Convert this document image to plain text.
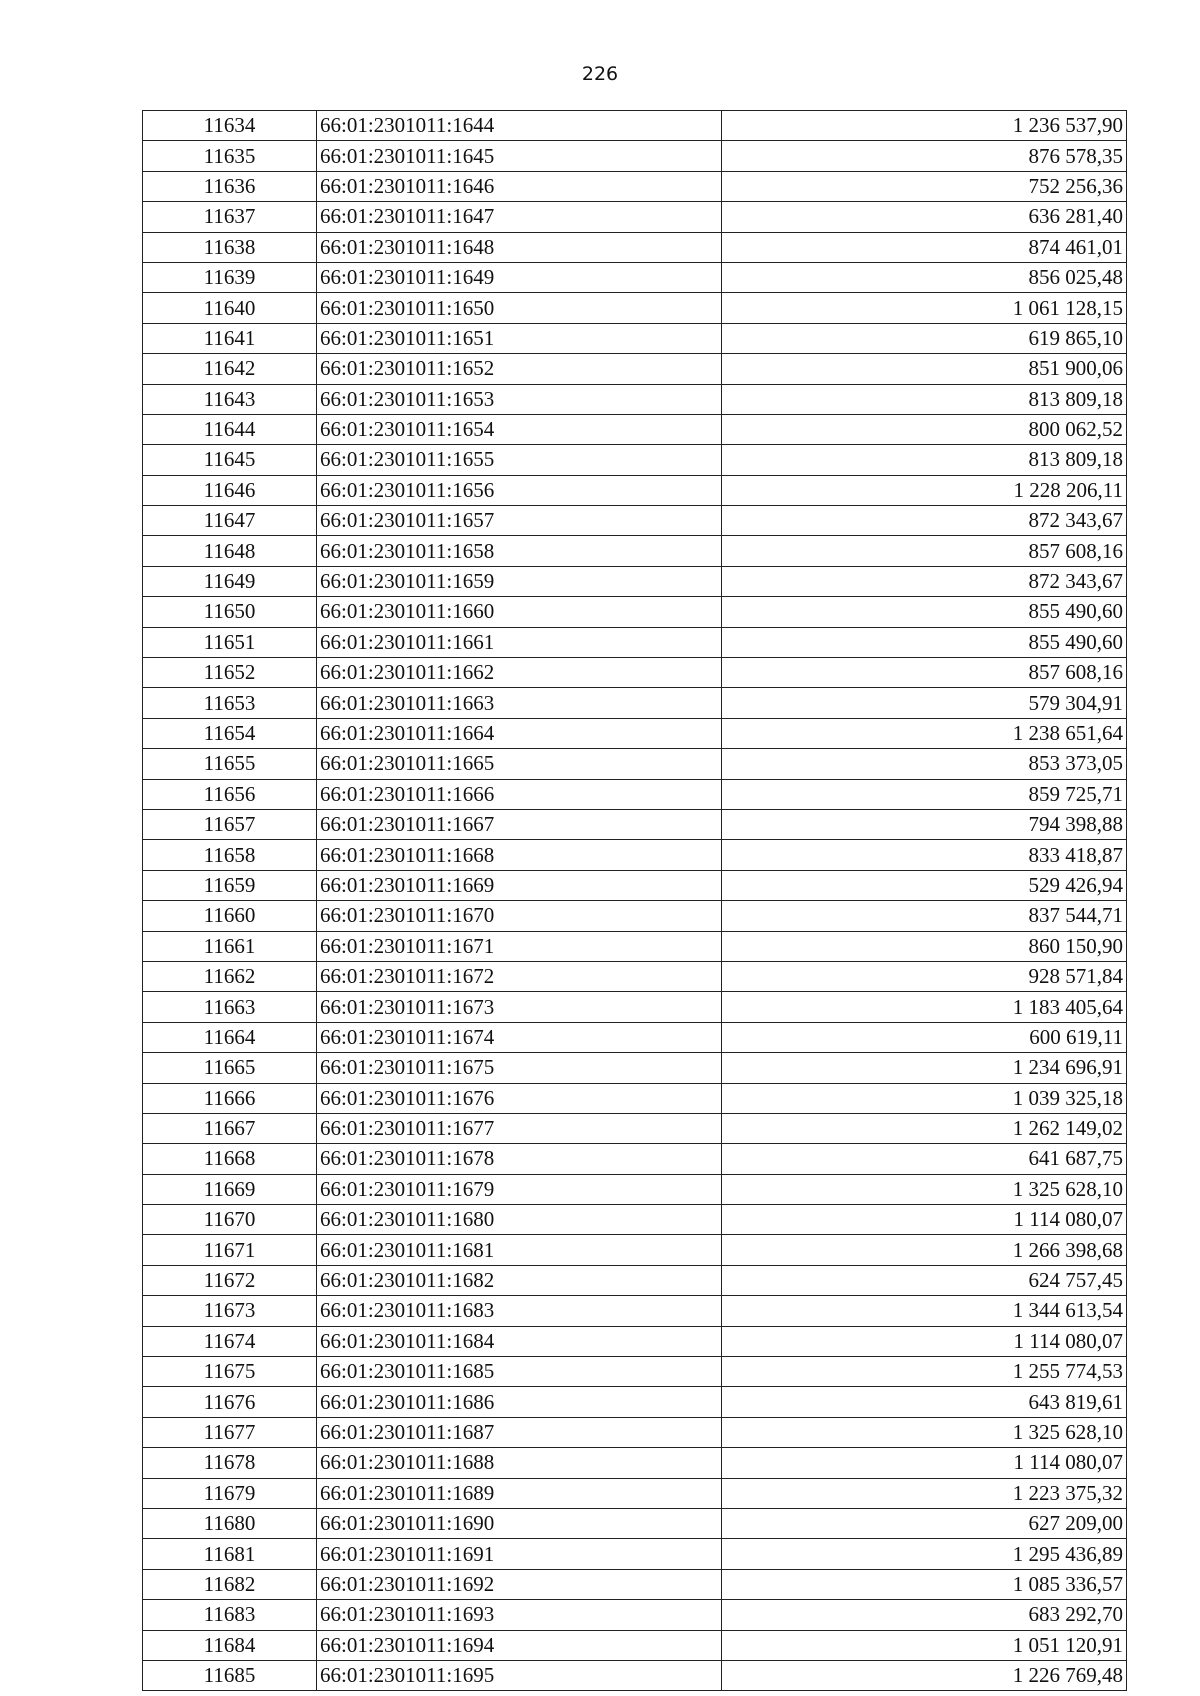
226
11634	66:01:2301011:1644	1 236 537,90
11635	66:01:2301011:1645	876 578,35
11636	66:01:2301011:1646	752 256,36
11637	66:01:2301011:1647	636 281,40
11638	66:01:2301011:1648	874 461,01
11639	66:01:2301011:1649	856 025,48
11640	66:01:2301011:1650	1 061 128,15
11641	66:01:2301011:1651	619 865,10
11642	66:01:2301011:1652	851 900,06
11643	66:01:2301011:1653	813 809,18
11644	66:01:2301011:1654	800 062,52
11645	66:01:2301011:1655	813 809,18
11646	66:01:2301011:1656	1 228 206,11
11647	66:01:2301011:1657	872 343,67
11648	66:01:2301011:1658	857 608,16
11649	66:01:2301011:1659	872 343,67
11650	66:01:2301011:1660	855 490,60
11651	66:01:2301011:1661	855 490,60
11652	66:01:2301011:1662	857 608,16
11653	66:01:2301011:1663	579 304,91
11654	66:01:2301011:1664	1 238 651,64
11655	66:01:2301011:1665	853 373,05
11656	66:01:2301011:1666	859 725,71
11657	66:01:2301011:1667	794 398,88
11658	66:01:2301011:1668	833 418,87
11659	66:01:2301011:1669	529 426,94
11660	66:01:2301011:1670	837 544,71
11661	66:01:2301011:1671	860 150,90
11662	66:01:2301011:1672	928 571,84
11663	66:01:2301011:1673	1 183 405,64
11664	66:01:2301011:1674	600 619,11
11665	66:01:2301011:1675	1 234 696,91
11666	66:01:2301011:1676	1 039 325,18
11667	66:01:2301011:1677	1 262 149,02
11668	66:01:2301011:1678	641 687,75
11669	66:01:2301011:1679	1 325 628,10
11670	66:01:2301011:1680	1 114 080,07
11671	66:01:2301011:1681	1 266 398,68
11672	66:01:2301011:1682	624 757,45
11673	66:01:2301011:1683	1 344 613,54
11674	66:01:2301011:1684	1 114 080,07
11675	66:01:2301011:1685	1 255 774,53
11676	66:01:2301011:1686	643 819,61
11677	66:01:2301011:1687	1 325 628,10
11678	66:01:2301011:1688	1 114 080,07
11679	66:01:2301011:1689	1 223 375,32
11680	66:01:2301011:1690	627 209,00
11681	66:01:2301011:1691	1 295 436,89
11682	66:01:2301011:1692	1 085 336,57
11683	66:01:2301011:1693	683 292,70
11684	66:01:2301011:1694	1 051 120,91
11685	66:01:2301011:1695	1 226 769,48
